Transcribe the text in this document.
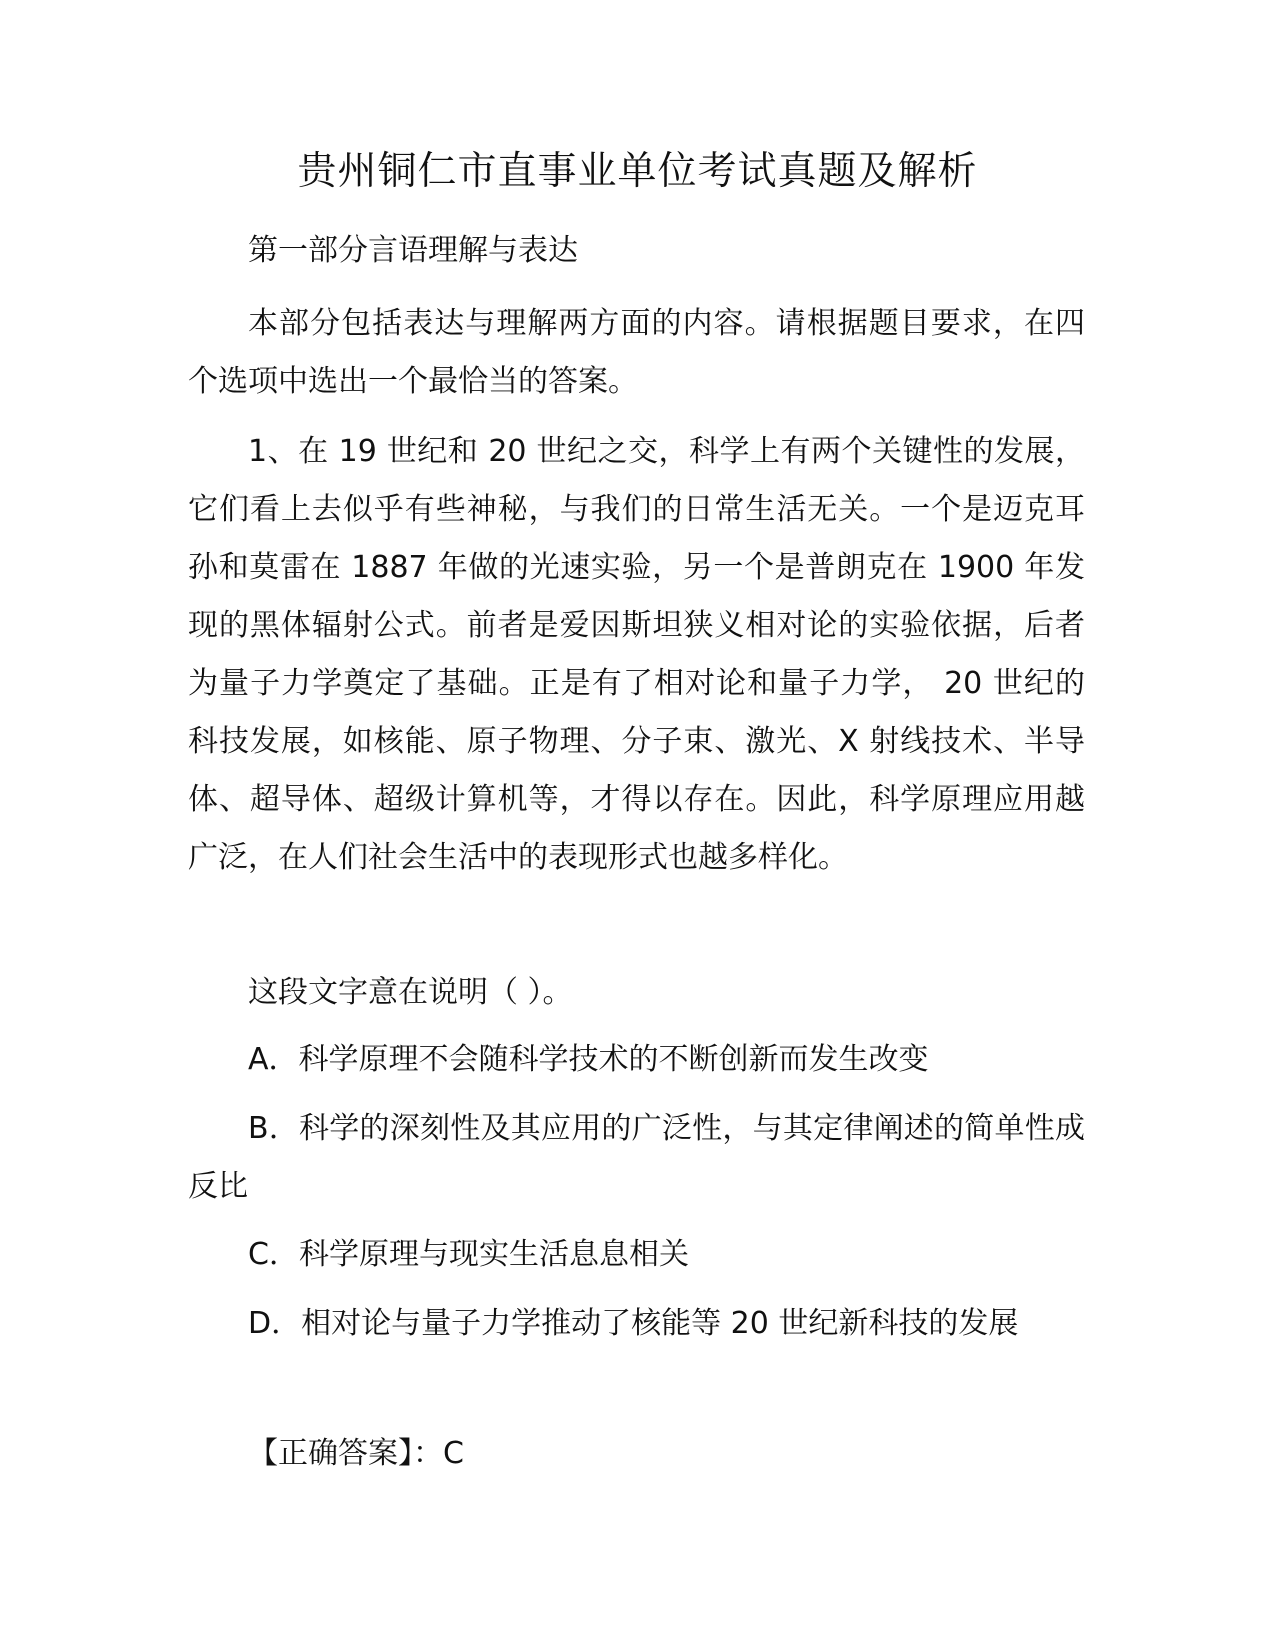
贵州铜仁市直事业单位考试真题及解析

第一部分言语理解与表达

本部分包括表达与理解两方面的内容。请根据题目要求，在四个选项中选出一个最恰当的答案。

1、在 19 世纪和 20 世纪之交，科学上有两个关键性的发展，它们看上去似乎有些神秘，与我们的日常生活无关。一个是迈克耳孙和莫雷在 1887 年做的光速实验，另一个是普朗克在 1900 年发现的黑体辐射公式。前者是爱因斯坦狭义相对论的实验依据，后者为量子力学奠定了基础。正是有了相对论和量子力学， 20 世纪的科技发展，如核能、原子物理、分子束、激光、X 射线技术、半导体、超导体、超级计算机等，才得以存在。因此，科学原理应用越广泛，在人们社会生活中的表现形式也越多样化。

这段文字意在说明（ ）。

A．科学原理不会随科学技术的不断创新而发生改变

B．科学的深刻性及其应用的广泛性，与其定律阐述的简单性成反比

C．科学原理与现实生活息息相关

D．相对论与量子力学推动了核能等 20 世纪新科技的发展

【正确答案】：C
